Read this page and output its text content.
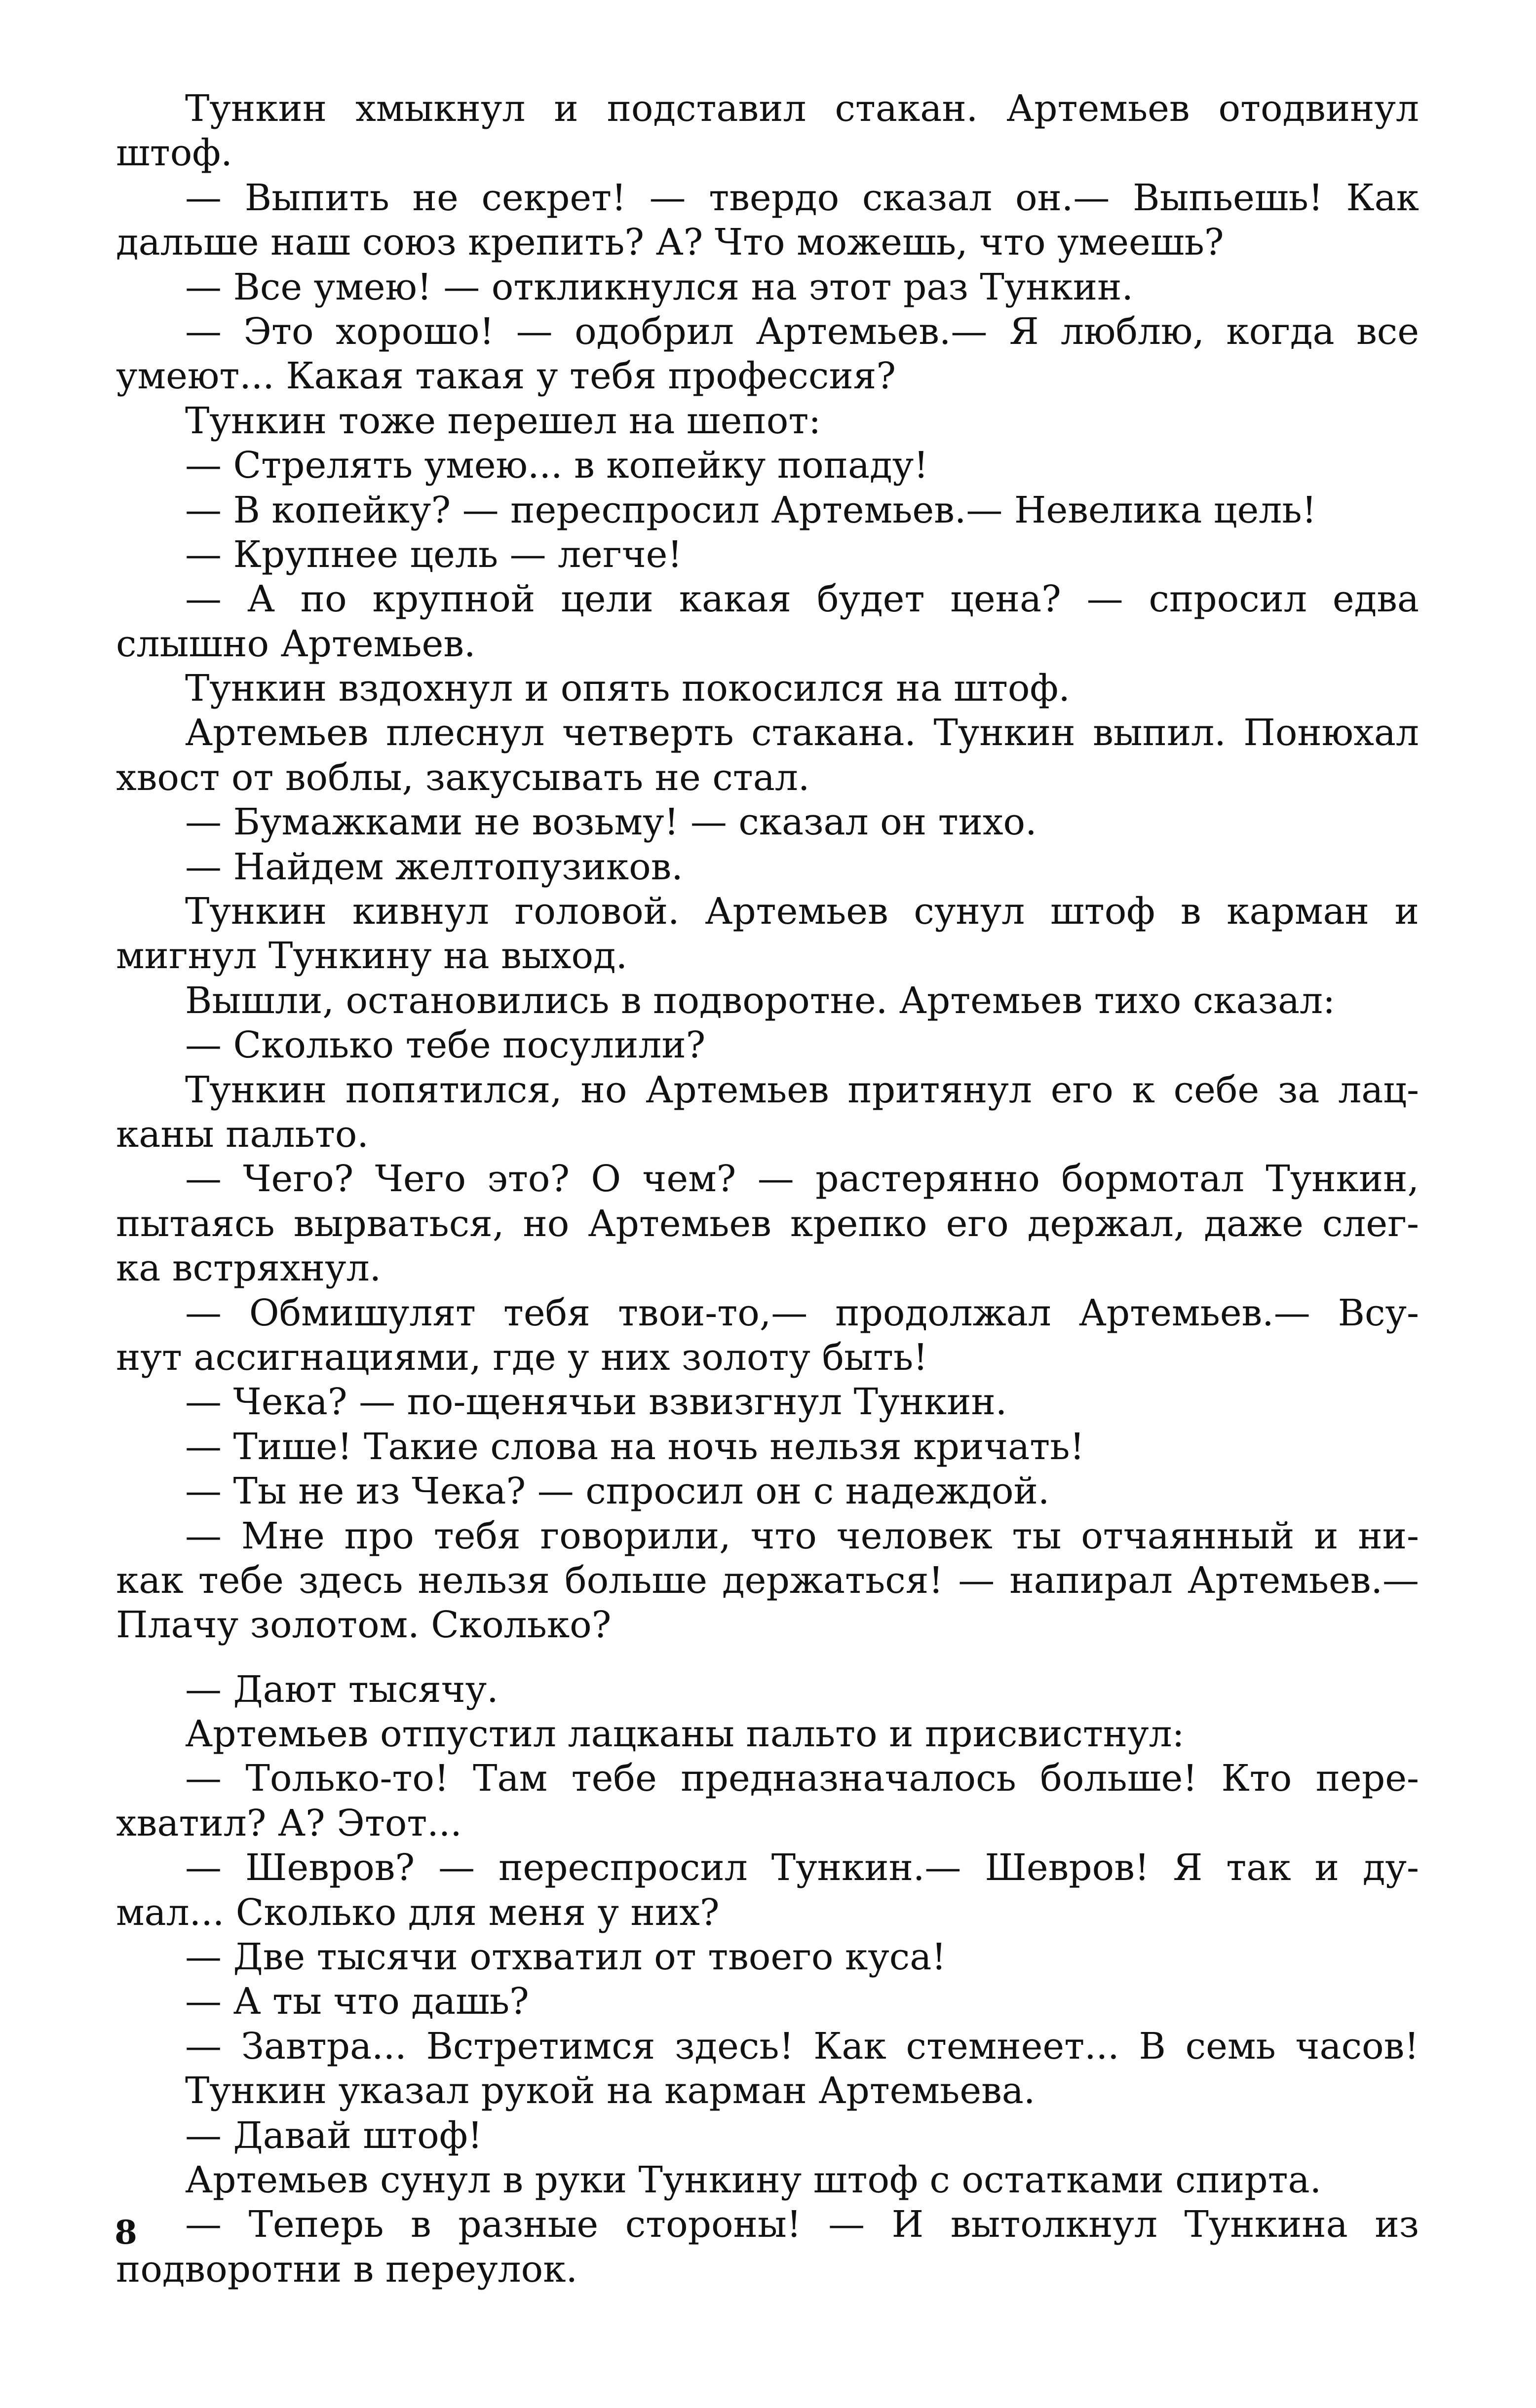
Тункин хмыкнул и подставил стакан. Артемьев отодвинул
штоф.
— Выпить не секрет! — твердо сказал он.— Выпьешь! Как
дальше наш союз крепить? А? Что можешь, что умеешь?
— Все умею! — откликнулся на этот раз Тункин.
— Это хорошо! — одобрил Артемьев.— Я люблю, когда все
умеют... Какая такая у тебя профессия?
Тункин тоже перешел на шепот:
— Стрелять умею... в копейку попаду!
— В копейку? — переспросил Артемьев.— Невелика цель!
— Крупнее цель — легче!
— А по крупной цели какая будет цена? — спросил едва
слышно Артемьев.
Тункин вздохнул и опять покосился на штоф.
Артемьев плеснул четверть стакана. Тункин выпил. Понюхал
хвост от воблы, закусывать не стал.
— Бумажками не возьму! — сказал он тихо.
— Найдем желтопузиков.
Тункин кивнул головой. Артемьев сунул штоф в карман и
мигнул Тункину на выход.
Вышли, остановились в подворотне. Артемьев тихо сказал:
— Сколько тебе посулили?
Тункин попятился, но Артемьев притянул его к себе за лац-
каны пальто.
— Чего? Чего это? О чем? — растерянно бормотал Тункин,
пытаясь вырваться, но Артемьев крепко его держал, даже слег-
ка встряхнул.
— Обмишулят тебя твои-то,— продолжал Артемьев.— Всу-
нут ассигнациями, где у них золоту быть!
— Чека? — по-щенячьи взвизгнул Тункин.
— Тише! Такие слова на ночь нельзя кричать!
— Ты не из Чека? — спросил он с надеждой.
— Мне про тебя говорили, что человек ты отчаянный и ни-
как тебе здесь нельзя больше держаться! — напирал Артемьев.—
Плачу золотом. Сколько?
— Дают тысячу.
Артемьев отпустил лацканы пальто и присвистнул:
— Только-то! Там тебе предназначалось больше! Кто пере-
хватил? А? Этот...
— Шевров? — переспросил Тункин.— Шевров! Я так и ду-
мал... Сколько для меня у них?
— Две тысячи отхватил от твоего куса!
— А ты что дашь?
— Завтра... Встретимся здесь! Как стемнеет... В семь часов!
Тункин указал рукой на карман Артемьева.
— Давай штоф!
Артемьев сунул в руки Тункину штоф с остатками спирта.
— Теперь в разные стороны! — И вытолкнул Тункина из
подворотни в переулок.
8
